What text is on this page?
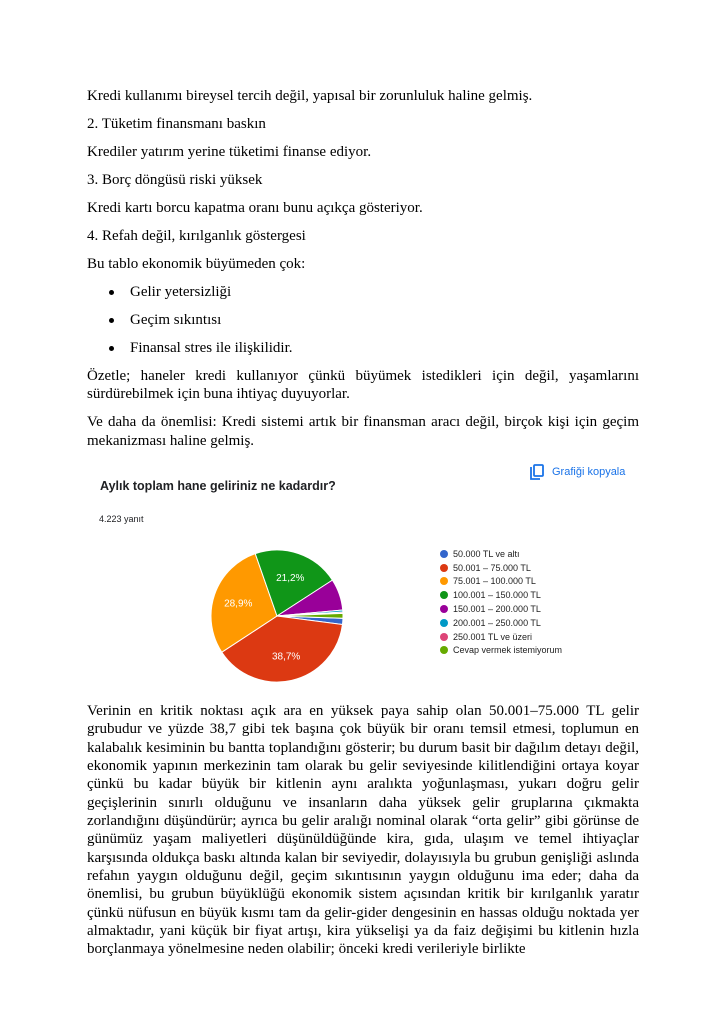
Kredi kullanımı bireysel tercih değil, yapısal bir zorunluluk haline gelmiş.

2. Tüketim finansmanı baskın

Krediler yatırım yerine tüketimi finanse ediyor.

3. Borç döngüsü riski yüksek

Kredi kartı borcu kapatma oranı bunu açıkça gösteriyor.

4. Refah değil, kırılganlık göstergesi

Bu tablo ekonomik büyümeden çok:

Gelir yetersizliği
Geçim sıkıntısı
Finansal stres ile ilişkilidir.

Özetle; haneler kredi kullanıyor çünkü büyümek istedikleri için değil, yaşamlarını sürdürebilmek için buna ihtiyaç duyuyorlar.

Ve daha da önemlisi: Kredi sistemi artık bir finansman aracı değil, birçok kişi için geçim mekanizması haline gelmiş.

Aylık toplam hane geliriniz ne kadardır?
4.223 yanıt
Grafiği kopyala
38,7%
28,9%
21,2%
50.000 TL ve altı
50.001 – 75.000 TL
75.001 – 100.000 TL
100.001 – 150.000 TL
150.001 – 200.000 TL
200.001 – 250.000 TL
250.001 TL ve üzeri
Cevap vermek istemiyorum
Verinin en kritik noktası açık ara en yüksek paya sahip olan 50.001–75.000 TL gelir grubudur ve yüzde 38,7 gibi tek başına çok büyük bir oranı temsil etmesi, toplumun en kalabalık kesiminin bu bantta toplandığını gösterir; bu durum basit bir dağılım detayı değil, ekonomik yapının merkezinin tam olarak bu gelir seviyesinde kilitlendiğini ortaya koyar çünkü bu kadar büyük bir kitlenin aynı aralıkta yoğunlaşması, yukarı doğru gelir geçişlerinin sınırlı olduğunu ve insanların daha yüksek gelir gruplarına çıkmakta zorlandığını düşündürür; ayrıca bu gelir aralığı nominal olarak “orta gelir” gibi görünse de günümüz yaşam maliyetleri düşünüldüğünde kira, gıda, ulaşım ve temel ihtiyaçlar karşısında oldukça baskı altında kalan bir seviyedir, dolayısıyla bu grubun genişliği aslında refahın yaygın olduğunu değil, geçim sıkıntısının yaygın olduğunu ima eder; daha da önemlisi, bu grubun büyüklüğü ekonomik sistem açısından kritik bir kırılganlık yaratır çünkü nüfusun en büyük kısmı tam da gelir-gider dengesinin en hassas olduğu noktada yer almaktadır, yani küçük bir fiyat artışı, kira yükselişi ya da faiz değişimi bu kitlenin hızla borçlanmaya yönelmesine neden olabilir; önceki kredi verileriyle birlikte
